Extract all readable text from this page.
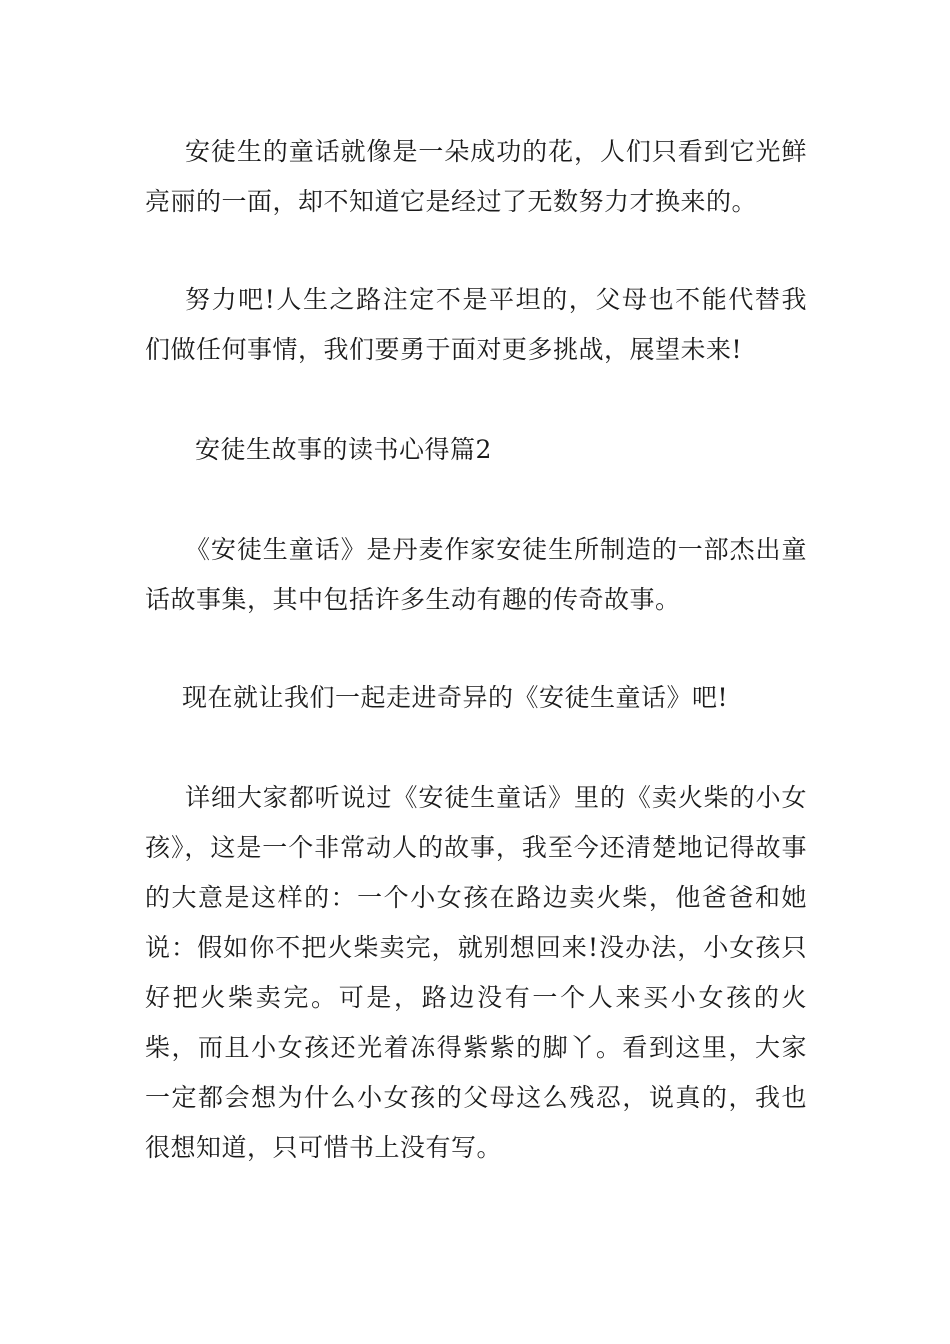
安徒生的童话就像是一朵成功的花，人们只看到它光鲜亮丽的一面，却不知道它是经过了无数努力才换来的。

努力吧!人生之路注定不是平坦的，父母也不能代替我们做任何事情，我们要勇于面对更多挑战，展望未来!

安徒生故事的读书心得篇2

《安徒生童话》是丹麦作家安徒生所制造的一部杰出童话故事集，其中包括许多生动有趣的传奇故事。

现在就让我们一起走进奇异的《安徒生童话》吧!

详细大家都听说过《安徒生童话》里的《卖火柴的小女孩》，这是一个非常动人的故事，我至今还清楚地记得故事的大意是这样的：一个小女孩在路边卖火柴，他爸爸和她说：假如你不把火柴卖完，就别想回来!没办法，小女孩只好把火柴卖完。可是，路边没有一个人来买小女孩的火柴，而且小女孩还光着冻得紫紫的脚丫。看到这里，大家一定都会想为什么小女孩的父母这么残忍，说真的，我也很想知道，只可惜书上没有写。
